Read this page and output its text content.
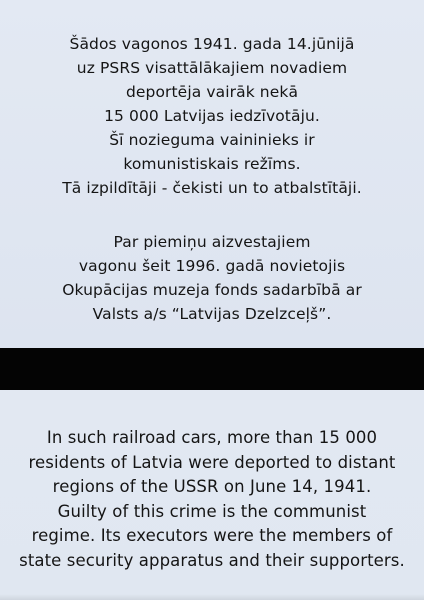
Šādos vagonos 1941. gada 14.jūnijā
uz PSRS visattālākajiem novadiem
deportēja vairāk nekā
15 000 Latvijas iedzīvotāju.
Šī nozieguma vaininieks ir
komunistiskais režīms.
Tā izpildītāji - čekisti un to atbalstītāji.

Par piemiņu aizvestajiem
vagonu šeit 1996. gadā novietojis
Okupācijas muzeja fonds sadarbībā ar
Valsts a/s “Latvijas Dzelzceļš”.

In such railroad cars, more than 15 000
residents of Latvia were deported to distant
regions of the USSR on June 14, 1941.
Guilty of this crime is the communist
regime. Its executors were the members of
state security apparatus and their supporters.
